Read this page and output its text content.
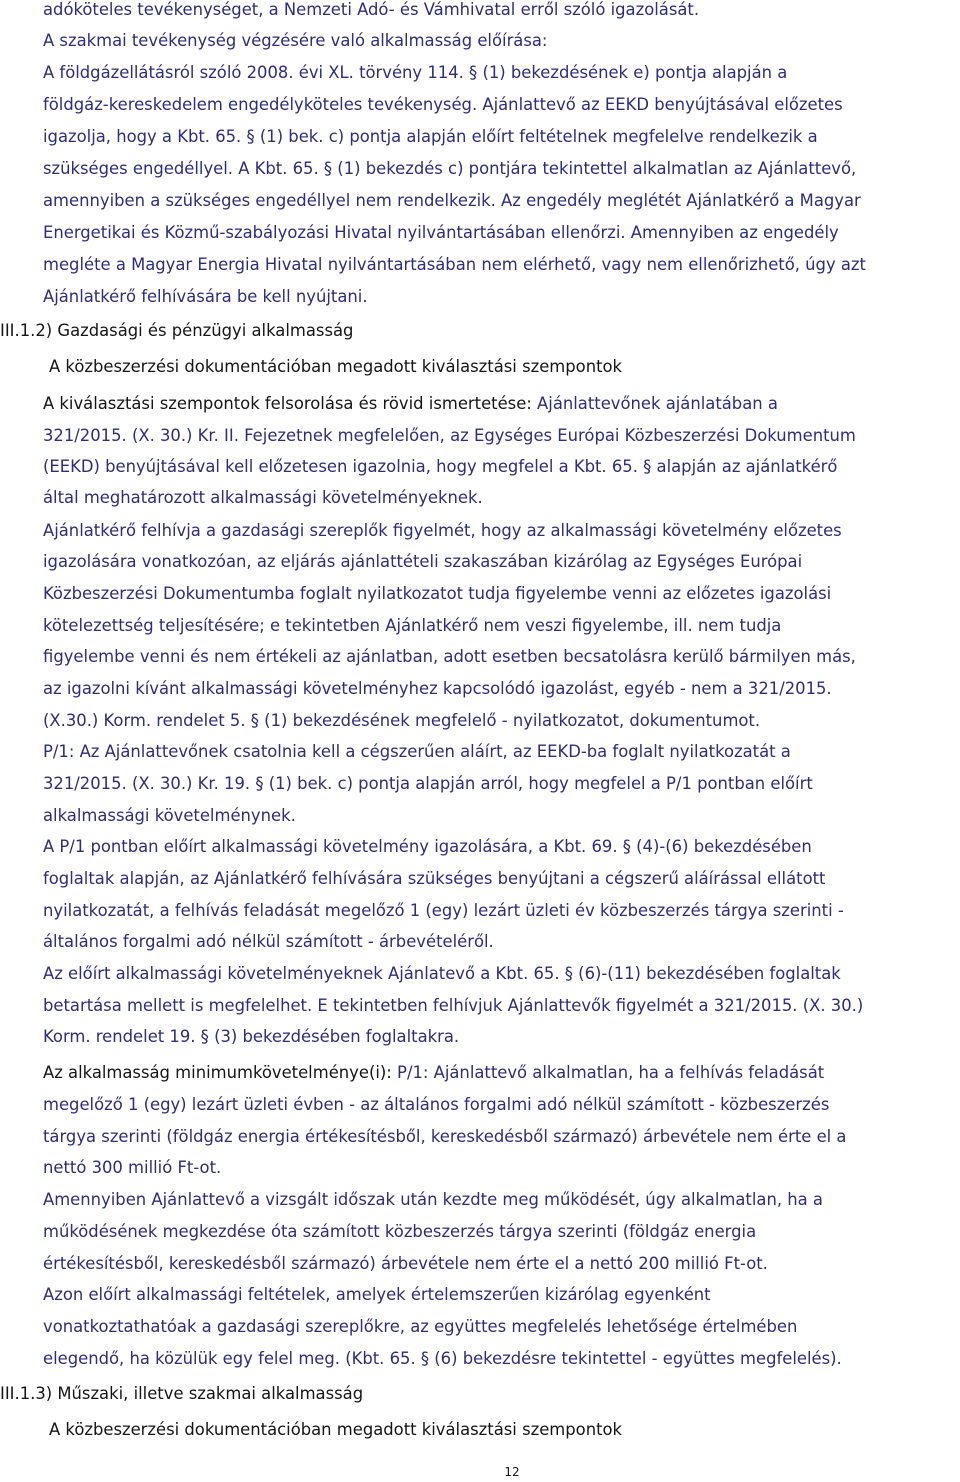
adóköteles tevékenységet, a Nemzeti Adó- és Vámhivatal erről szóló igazolását.
A szakmai tevékenység végzésére való alkalmasság előírása:
A földgázellátásról szóló 2008. évi XL. törvény 114. § (1) bekezdésének e) pontja alapján a
földgáz-kereskedelem engedélyköteles tevékenység. Ajánlattevő az EEKD benyújtásával előzetes
igazolja, hogy a Kbt. 65. § (1) bek. c) pontja alapján előírt feltételnek megfelelve rendelkezik a
szükséges engedéllyel. A Kbt. 65. § (1) bekezdés c) pontjára tekintettel alkalmatlan az Ajánlattevő,
amennyiben a szükséges engedéllyel nem rendelkezik. Az engedély meglétét Ajánlatkérő a Magyar
Energetikai és Közmű-szabályozási Hivatal nyilvántartásában ellenőrzi. Amennyiben az engedély
megléte a Magyar Energia Hivatal nyilvántartásában nem elérhető, vagy nem ellenőrizhető, úgy azt
Ajánlatkérő felhívására be kell nyújtani.
III.1.2) Gazdasági és pénzügyi alkalmasság
A közbeszerzési dokumentációban megadott kiválasztási szempontok
A kiválasztási szempontok felsorolása és rövid ismertetése: Ajánlattevőnek ajánlatában a
321/2015. (X. 30.) Kr. II. Fejezetnek megfelelően, az Egységes Európai Közbeszerzési Dokumentum
(EEKD) benyújtásával kell előzetesen igazolnia, hogy megfelel a Kbt. 65. § alapján az ajánlatkérő
által meghatározott alkalmassági követelményeknek.
Ajánlatkérő felhívja a gazdasági szereplők figyelmét, hogy az alkalmassági követelmény előzetes
igazolására vonatkozóan, az eljárás ajánlattételi szakaszában kizárólag az Egységes Európai
Közbeszerzési Dokumentumba foglalt nyilatkozatot tudja figyelembe venni az előzetes igazolási
kötelezettség teljesítésére; e tekintetben Ajánlatkérő nem veszi figyelembe, ill. nem tudja
figyelembe venni és nem értékeli az ajánlatban, adott esetben becsatolásra kerülő bármilyen más,
az igazolni kívánt alkalmassági követelményhez kapcsolódó igazolást, egyéb - nem a 321/2015.
(X.30.) Korm. rendelet 5. § (1) bekezdésének megfelelő - nyilatkozatot, dokumentumot.
P/1: Az Ajánlattevőnek csatolnia kell a cégszerűen aláírt, az EEKD-ba foglalt nyilatkozatát a
321/2015. (X. 30.) Kr. 19. § (1) bek. c) pontja alapján arról, hogy megfelel a P/1 pontban előírt
alkalmassági követelménynek.
A P/1 pontban előírt alkalmassági követelmény igazolására, a Kbt. 69. § (4)-(6) bekezdésében
foglaltak alapján, az Ajánlatkérő felhívására szükséges benyújtani a cégszerű aláírással ellátott
nyilatkozatát, a felhívás feladását megelőző 1 (egy) lezárt üzleti év közbeszerzés tárgya szerinti -
általános forgalmi adó nélkül számított - árbevételéről.
Az előírt alkalmassági követelményeknek Ajánlatevő a Kbt. 65. § (6)-(11) bekezdésében foglaltak
betartása mellett is megfelelhet. E tekintetben felhívjuk Ajánlattevők figyelmét a 321/2015. (X. 30.)
Korm. rendelet 19. § (3) bekezdésében foglaltakra.
Az alkalmasság minimumkövetelménye(i): P/1: Ajánlattevő alkalmatlan, ha a felhívás feladását
megelőző 1 (egy) lezárt üzleti évben - az általános forgalmi adó nélkül számított - közbeszerzés
tárgya szerinti (földgáz energia értékesítésből, kereskedésből származó) árbevétele nem érte el a
nettó 300 millió Ft-ot.
Amennyiben Ajánlattevő a vizsgált időszak után kezdte meg működését, úgy alkalmatlan, ha a
működésének megkezdése óta számított közbeszerzés tárgya szerinti (földgáz energia
értékesítésből, kereskedésből származó) árbevétele nem érte el a nettó 200 millió Ft-ot.
Azon előírt alkalmassági feltételek, amelyek értelemszerűen kizárólag egyenként
vonatkoztathatóak a gazdasági szereplőkre, az együttes megfelelés lehetősége értelmében
elegendő, ha közülük egy felel meg. (Kbt. 65. § (6) bekezdésre tekintettel - együttes megfelelés).
III.1.3) Műszaki, illetve szakmai alkalmasság
A közbeszerzési dokumentációban megadott kiválasztási szempontok
12
